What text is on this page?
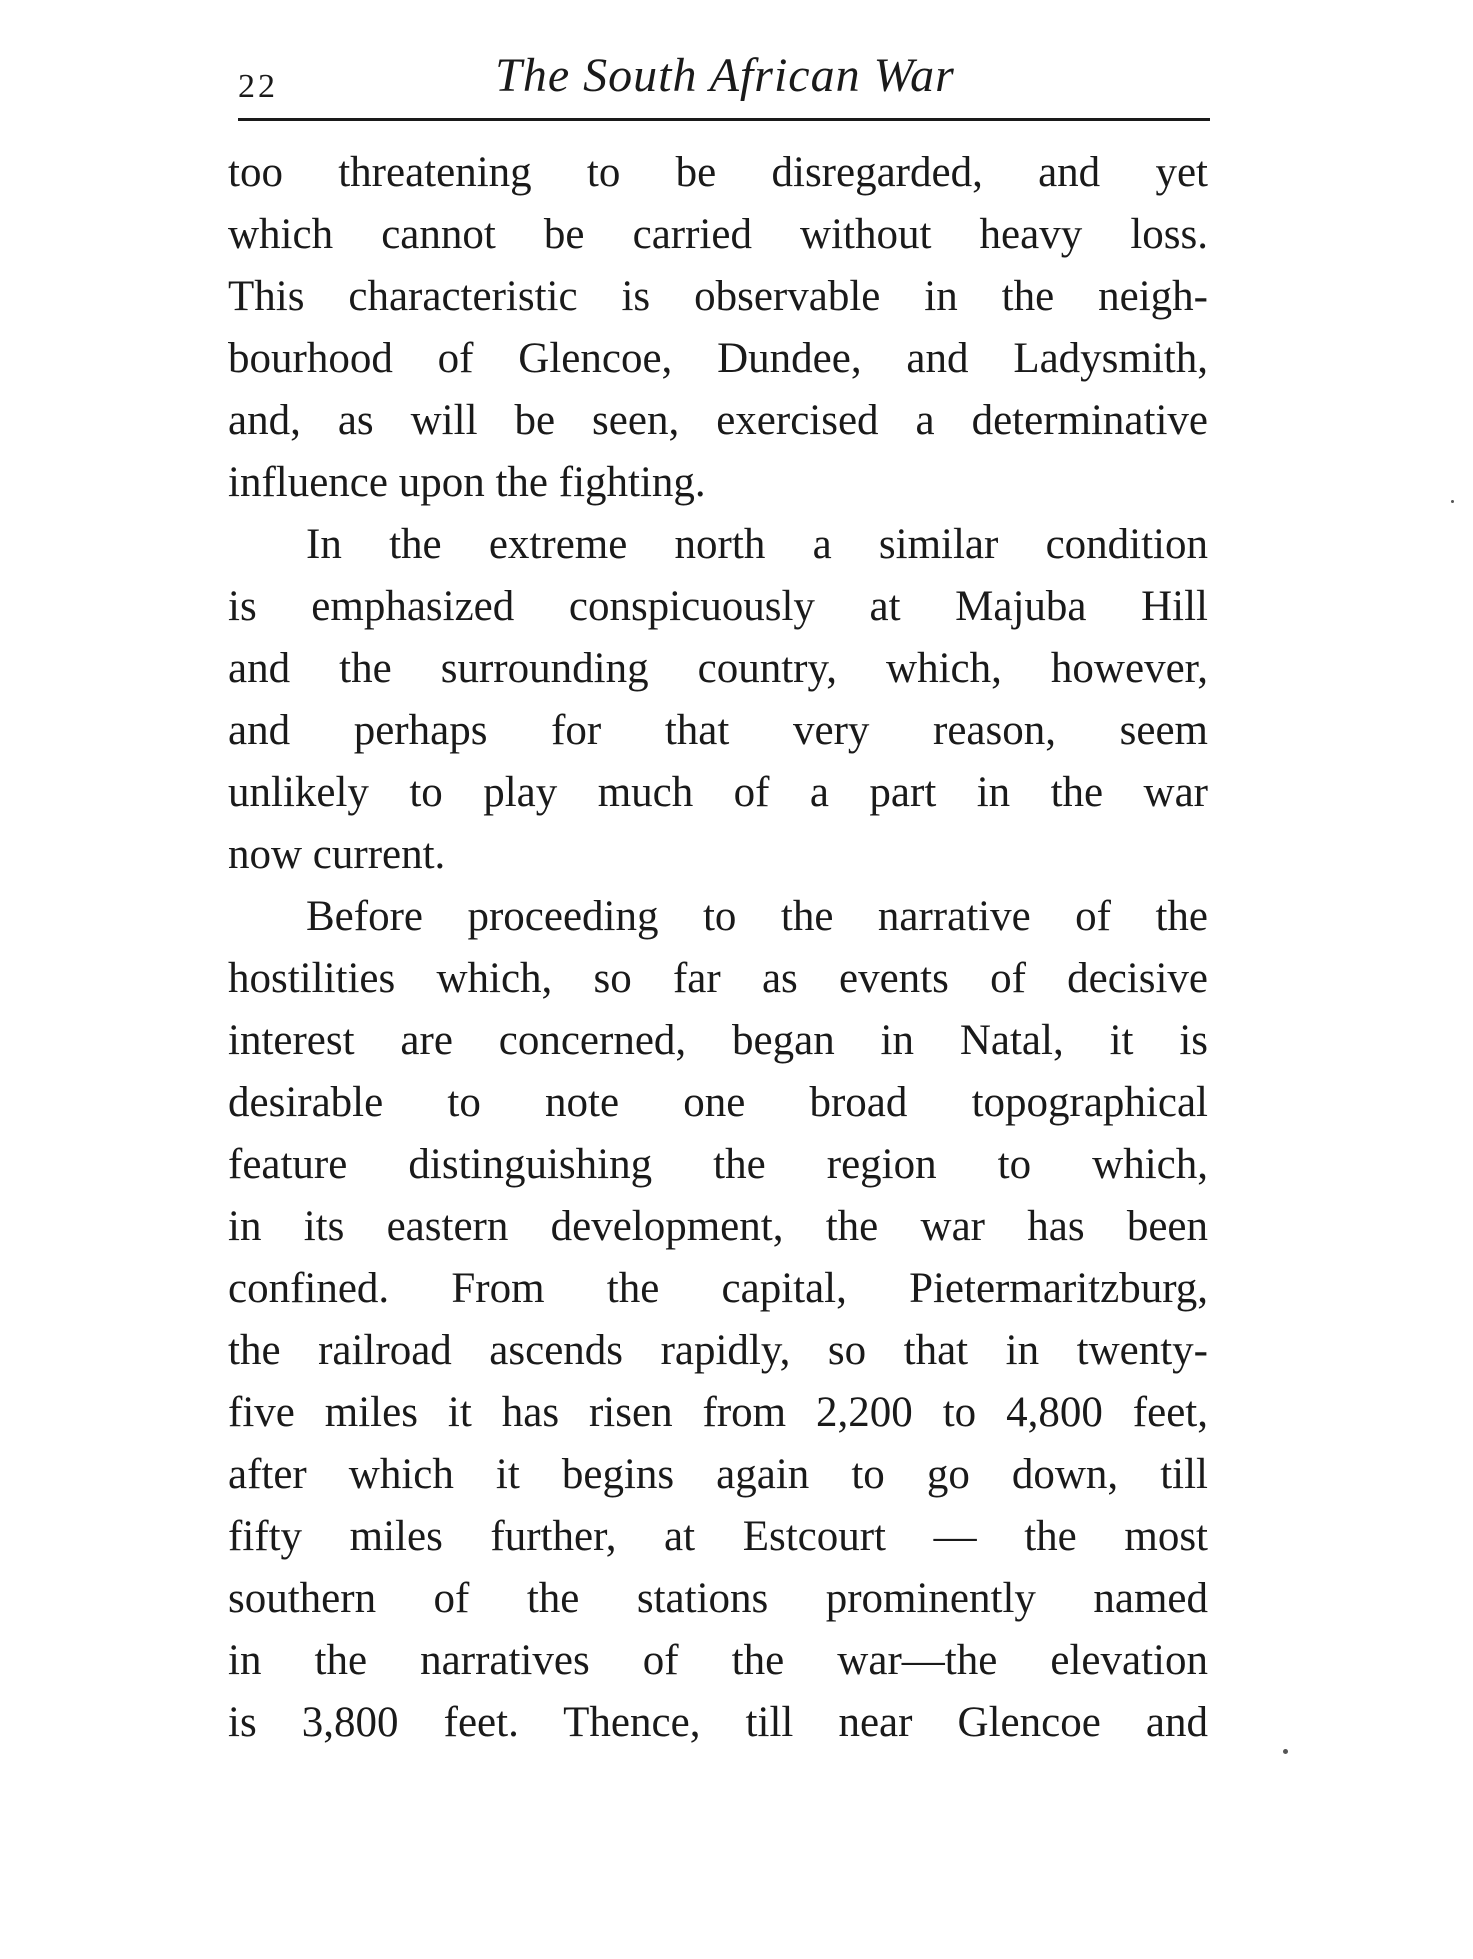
22	The South African War
too threatening to be disregarded, and yet
which cannot be carried without heavy loss.
This characteristic is observable in the neigh-
bourhood of Glencoe, Dundee, and Ladysmith,
and, as will be seen, exercised a determinative
influence upon the fighting.
In the extreme north a similar condition
is emphasized conspicuously at Majuba Hill
and the surrounding country, which, however,
and perhaps for that very reason, seem
unlikely to play much of a part in the war
now current.
Before proceeding to the narrative of the
hostilities which, so far as events of decisive
interest are concerned, began in Natal, it is
desirable to note one broad topographical
feature distinguishing the region to which,
in its eastern development, the war has been
confined. From the capital, Pietermaritzburg,
the railroad ascends rapidly, so that in twenty-
five miles it has risen from 2,200 to 4,800 feet,
after which it begins again to go down, till
fifty miles further, at Estcourt — the most
southern of the stations prominently named
in the narratives of the war—the elevation
is 3,800 feet. Thence, till near Glencoe and
